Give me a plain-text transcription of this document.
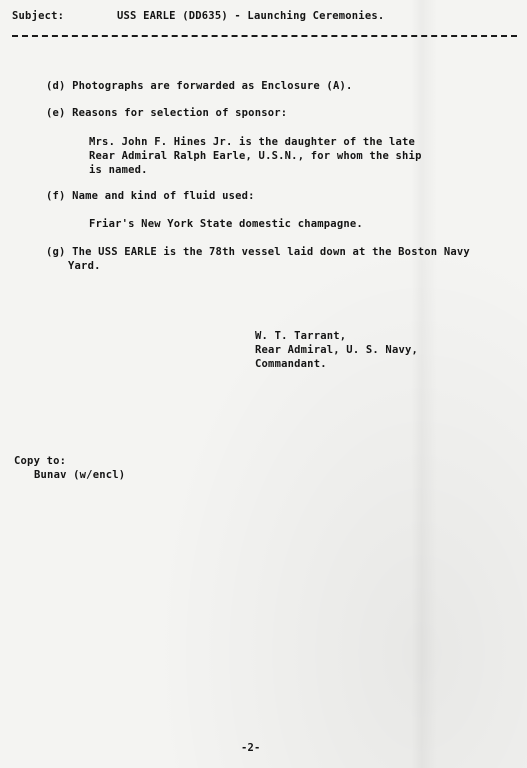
Subject:	USS EARLE (DD635) - Launching Ceremonies.
(d) Photographs are forwarded as Enclosure (A).
(e) Reasons for selection of sponsor:
Mrs. John F. Hines Jr. is the daughter of the late
Rear Admiral Ralph Earle, U.S.N., for whom the ship
is named.
(f) Name and kind of fluid used:
Friar's New York State domestic champagne.
(g) The USS EARLE is the 78th vessel laid down at the Boston Navy
Yard.
W. T. Tarrant,
Rear Admiral, U. S. Navy,
Commandant.
Copy to:
Bunav (w/encl)
-2-
